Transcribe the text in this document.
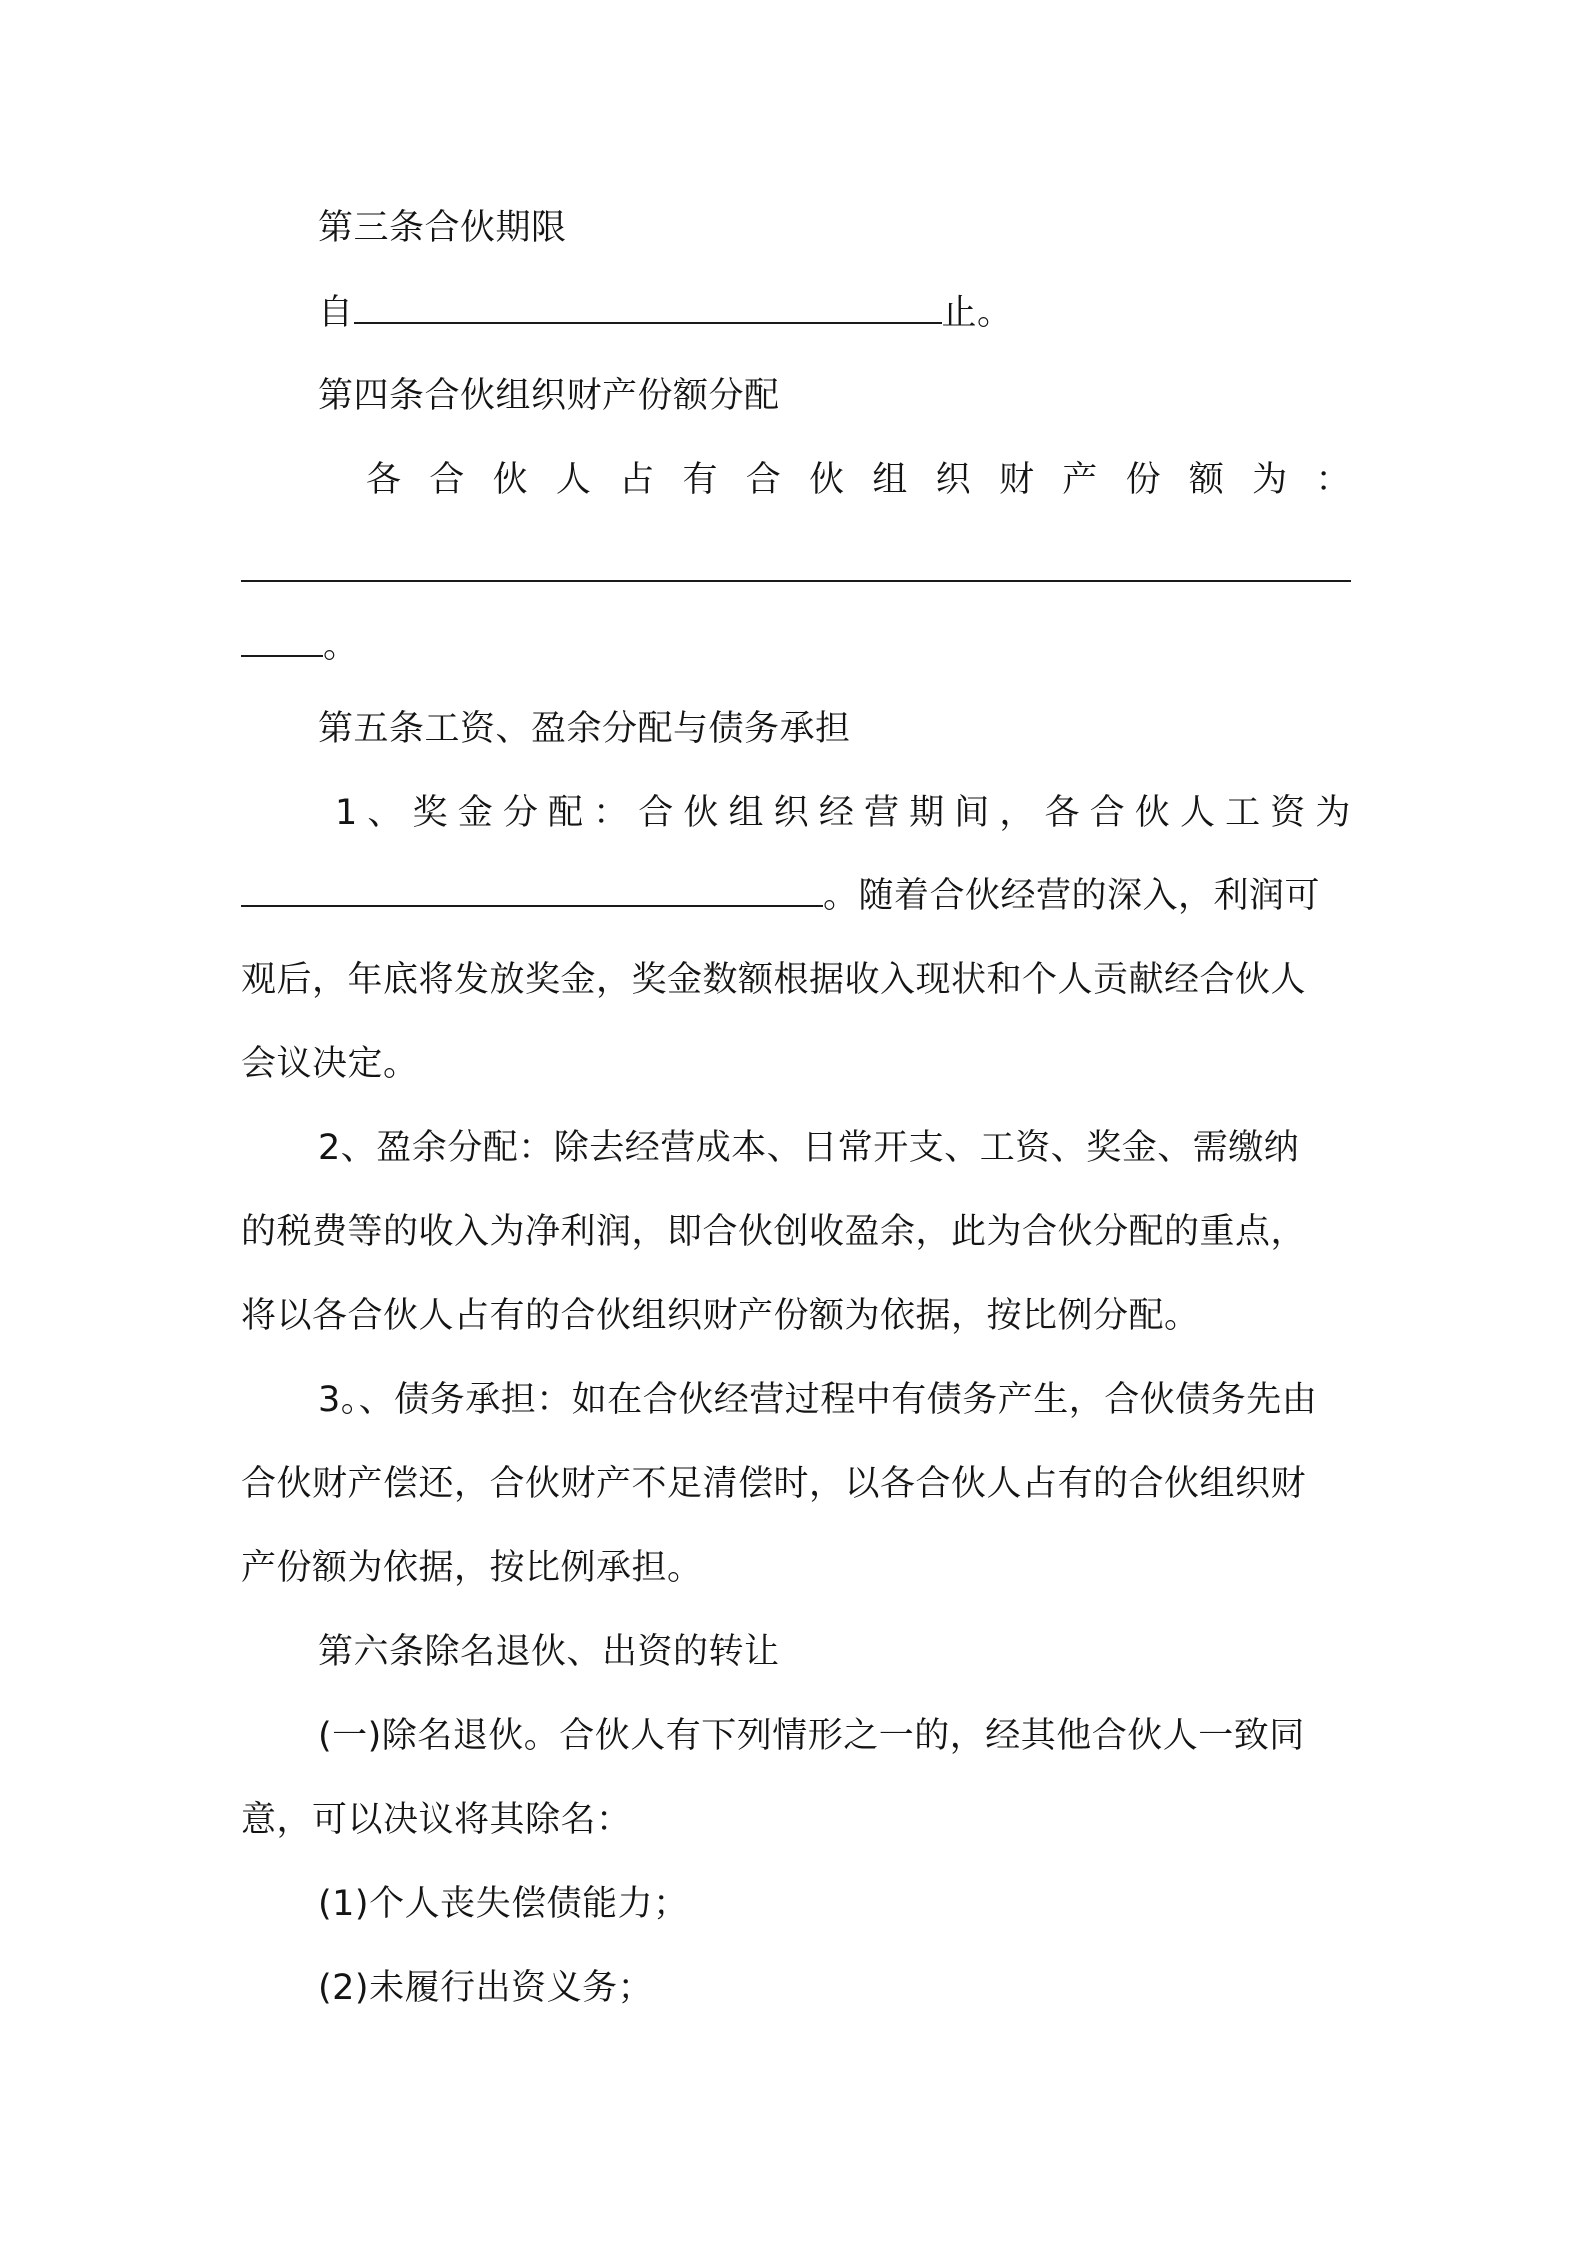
第三条合伙期限
自	止。
第四条合伙组织财产份额分配
各 合 伙 人 占 有 合 伙 组 织 财 产 份 额 为 ：
。
第五条工资、盈余分配与债务承担
1 、 奖 金 分 配 ： 合 伙 组 织 经 营 期 间 ， 各 合 伙 人 工 资 为
。随着合伙经营的深入，利润可
观后，年底将发放奖金，奖金数额根据收入现状和个人贡献经合伙人
会议决定。
2、盈余分配：除去经营成本、日常开支、工资、奖金、需缴纳
的税费等的收入为净利润，即合伙创收盈余，此为合伙分配的重点，
将以各合伙人占有的合伙组织财产份额为依据，按比例分配。
3。、债务承担：如在合伙经营过程中有债务产生，合伙债务先由
合伙财产偿还，合伙财产不足清偿时，以各合伙人占有的合伙组织财
产份额为依据，按比例承担。
第六条除名退伙、出资的转让
(一)除名退伙。合伙人有下列情形之一的，经其他合伙人一致同
意，可以决议将其除名：
(1)个人丧失偿债能力；
(2)未履行出资义务；
